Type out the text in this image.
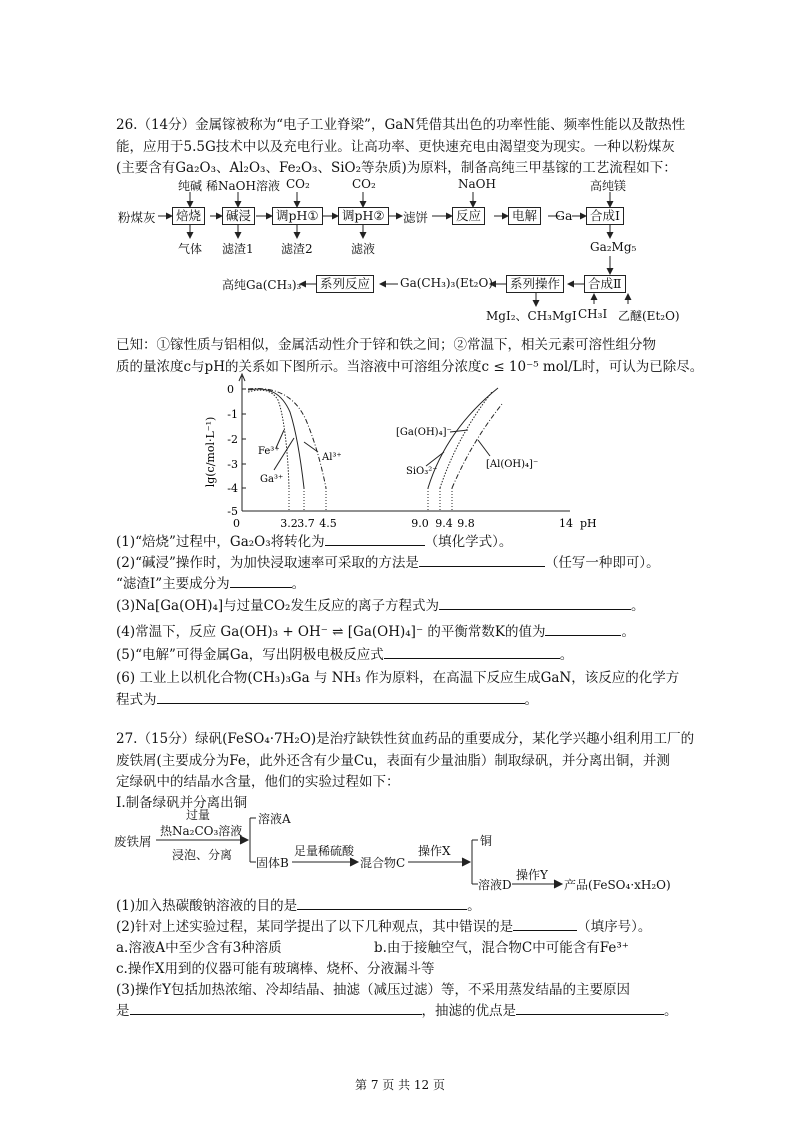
26.（14分）金属镓被称为“电子工业脊梁”，GaN凭借其出色的功率性能、频率性能以及散热性
能，应用于5.5G技术中以及充电行业。让高功率、更快速充电由渴望变为现实。一种以粉煤灰
(主要含有Ga₂O₃、Al₂O₃、Fe₂O₃、SiO₂等杂质)为原料，制备高纯三甲基镓的工艺流程如下：
粉煤灰	焙烧	碱浸	调pH①	调pH②	滤饼	反应	电解	Ga	合成Ⅰ
纯碱 稀NaOH溶液 CO₂	CO₂	NaOH	高纯镁
气体 滤渣1 滤渣2	滤液	Ga₂Mg₅
合成Ⅱ
系列操作
Ga(CH₃)₃(Et₂O)
系列反应
高纯Ga(CH₃)₃
MgI₂、CH₃MgI CH₃I 乙醚(Et₂O)
已知：①镓性质与铝相似，金属活动性介于锌和铁之间；②常温下，相关元素可溶性组分物
质的量浓度c与pH的关系如下图所示。当溶液中可溶组分浓度c ≤ 10⁻⁵ mol/L时，可认为已除尽。
lg(c/mol·L⁻¹)
0
-1
-2
-3
-4
-5
0	3.2 3.7 4.5	9.0 9.4 9.8	14 pH
Fe³⁺
Al³⁺
Ga³⁺
[Ga(OH)₄]⁻
SiO₃²⁻
[Al(OH)₄]⁻
(1)“焙烧”过程中，Ga₂O₃将转化为	（填化学式）。
(2)“碱浸”操作时，为加快浸取速率可采取的方法是	（任写一种即可）。
“滤渣I”主要成分为	。
(3)Na[Ga(OH)₄]与过量CO₂发生反应的离子方程式为	。
(4)常温下，反应 Ga(OH)₃ + OH⁻ ⇌ [Ga(OH)₄]⁻ 的平衡常数K的值为	。
(5)“电解”可得金属Ga，写出阴极电极反应式	。
(6) 工业上以机化合物(CH₃)₃Ga 与 NH₃ 作为原料，在高温下反应生成GaN，该反应的化学方
程式为	。
27.（15分）绿矾(FeSO₄·7H₂O)是治疗缺铁性贫血药品的重要成分，某化学兴趣小组利用工厂的
废铁屑(主要成分为Fe，此外还含有少量Cu，表面有少量油脂）制取绿矾，并分离出铜，并测
定绿矾中的结晶水含量，他们的实验过程如下：
I.制备绿矾并分离出铜
废铁屑
过量
热Na₂CO₃溶液
浸泡、分离
溶液A
固体B
足量稀硫酸
混合物C
操作X
铜
溶液D
操作Y
产品(FeSO₄·xH₂O)
(1)加入热碳酸钠溶液的目的是	。
(2)针对上述实验过程，某同学提出了以下几种观点，其中错误的是	（填序号）。
a.溶液A中至少含有3种溶质	b.由于接触空气，混合物C中可能含有Fe³⁺
c.操作X用到的仪器可能有玻璃棒、烧杯、分液漏斗等
(3)操作Y包括加热浓缩、冷却结晶、抽滤（减压过滤）等，不采用蒸发结晶的主要原因
是	，抽滤的优点是	。
第 7 页 共 12 页
